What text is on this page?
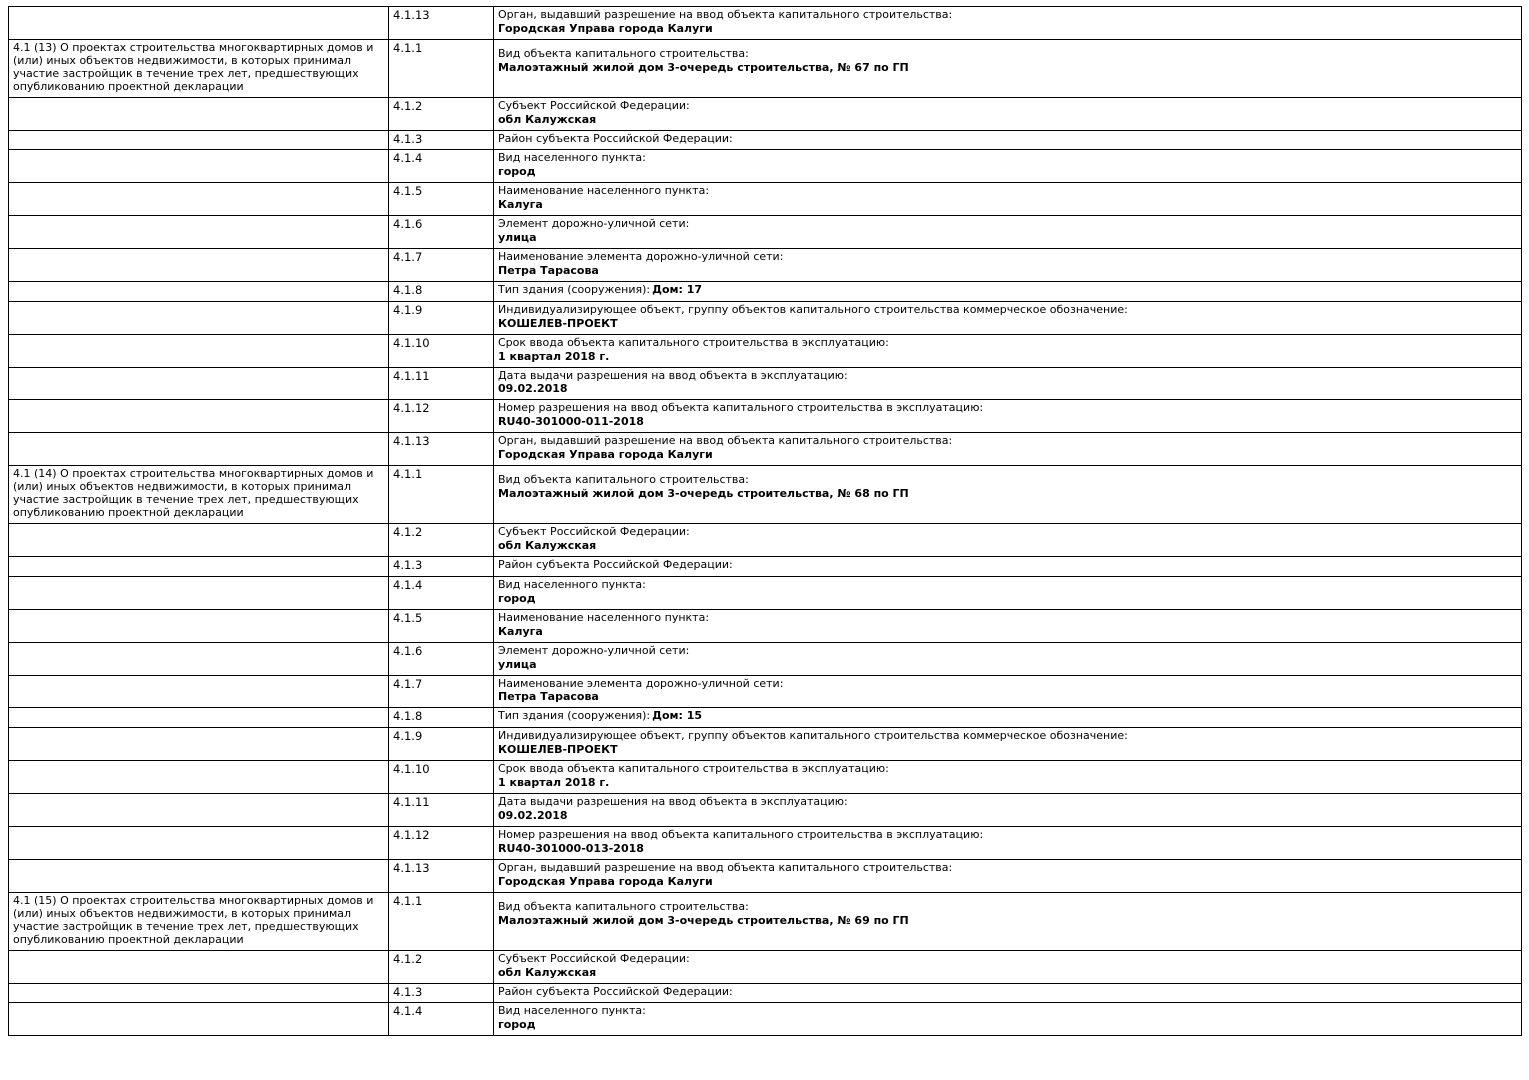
	4.1.13	Орган, выдавший разрешение на ввод объекта капитального строительства:
Городская Управа города Калуги

4.1 (13) О проектах строительства многоквартирных домов и (или) иных объектов недвижимости, в которых принимал участие застройщик в течение трех лет, предшествующих опубликованию проектной декларации	4.1.1	Вид объекта капитального строительства:
Малоэтажный жилой дом 3-очередь строительства, № 67 по ГП

	4.1.2	Субъект Российской Федерации:
обл Калужская

	4.1.3	Район субъекта Российской Федерации:

	4.1.4	Вид населенного пункта:
город

	4.1.5	Наименование населенного пункта:
Калуга

	4.1.6	Элемент дорожно-уличной сети:
улица

	4.1.7	Наименование элемента дорожно-уличной сети:
Петра Тарасова

	4.1.8	Тип здания (сооружения): Дом: 17
	4.1.9	Индивидуализирующее объект, группу объектов капитального строительства коммерческое обозначение:
КОШЕЛЕВ-ПРОЕКТ

	4.1.10	Срок ввода объекта капитального строительства в эксплуатацию:
1 квартал 2018 г.

	4.1.11	Дата выдачи разрешения на ввод объекта в эксплуатацию:
09.02.2018

	4.1.12	Номер разрешения на ввод объекта капитального строительства в эксплуатацию:
RU40-301000-011-2018

	4.1.13	Орган, выдавший разрешение на ввод объекта капитального строительства:
Городская Управа города Калуги

4.1 (14) О проектах строительства многоквартирных домов и (или) иных объектов недвижимости, в которых принимал участие застройщик в течение трех лет, предшествующих опубликованию проектной декларации	4.1.1	Вид объекта капитального строительства:
Малоэтажный жилой дом 3-очередь строительства, № 68 по ГП

	4.1.2	Субъект Российской Федерации:
обл Калужская

	4.1.3	Район субъекта Российской Федерации:

	4.1.4	Вид населенного пункта:
город

	4.1.5	Наименование населенного пункта:
Калуга

	4.1.6	Элемент дорожно-уличной сети:
улица

	4.1.7	Наименование элемента дорожно-уличной сети:
Петра Тарасова

	4.1.8	Тип здания (сооружения): Дом: 15
	4.1.9	Индивидуализирующее объект, группу объектов капитального строительства коммерческое обозначение:
КОШЕЛЕВ-ПРОЕКТ

	4.1.10	Срок ввода объекта капитального строительства в эксплуатацию:
1 квартал 2018 г.

	4.1.11	Дата выдачи разрешения на ввод объекта в эксплуатацию:
09.02.2018

	4.1.12	Номер разрешения на ввод объекта капитального строительства в эксплуатацию:
RU40-301000-013-2018

	4.1.13	Орган, выдавший разрешение на ввод объекта капитального строительства:
Городская Управа города Калуги

4.1 (15) О проектах строительства многоквартирных домов и (или) иных объектов недвижимости, в которых принимал участие застройщик в течение трех лет, предшествующих опубликованию проектной декларации	4.1.1	Вид объекта капитального строительства:
Малоэтажный жилой дом 3-очередь строительства, № 69 по ГП

	4.1.2	Субъект Российской Федерации:
обл Калужская

	4.1.3	Район субъекта Российской Федерации:

	4.1.4	Вид населенного пункта:
город
